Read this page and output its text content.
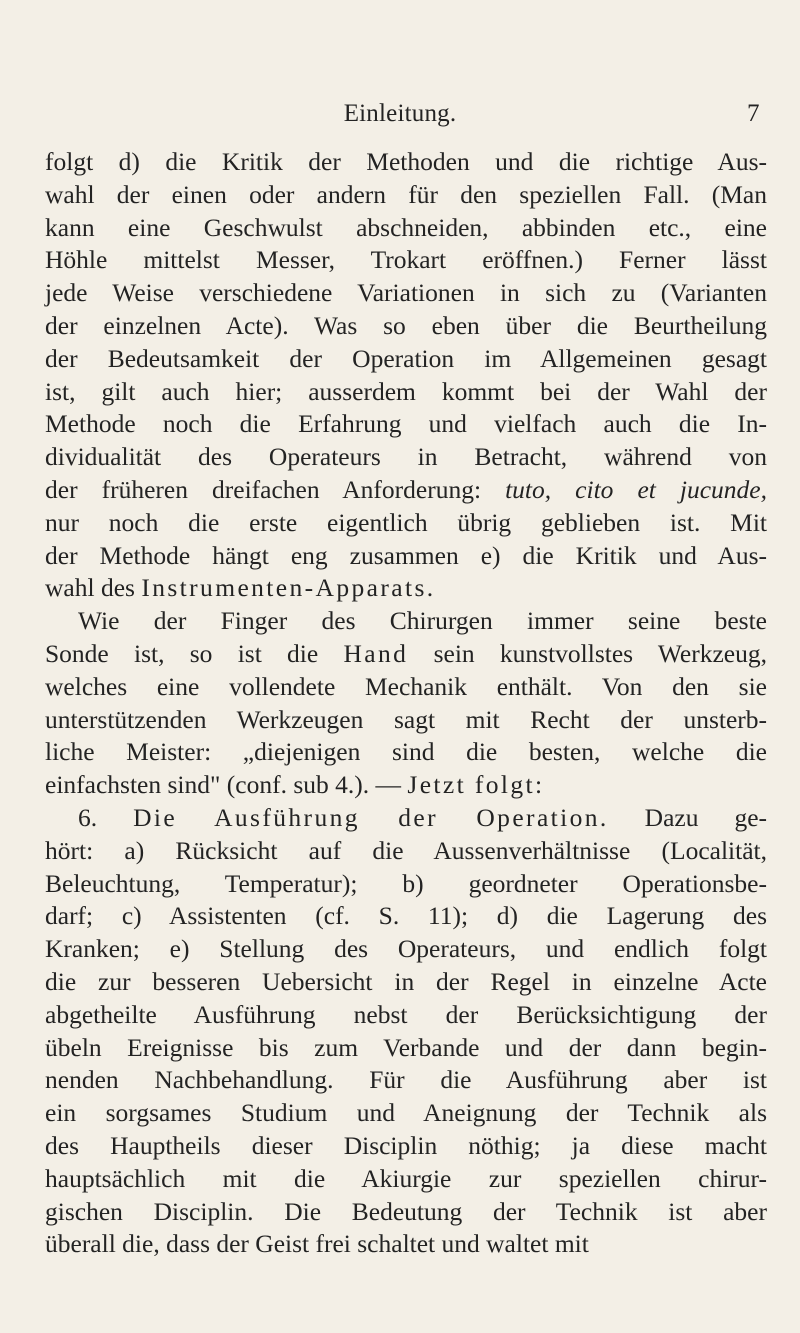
Einleitung.	7
folgt d) die Kritik der Methoden und die richtige Aus-
wahl der einen oder andern für den speziellen Fall. (Man
kann eine Geschwulst abschneiden, abbinden etc., eine
Höhle mittelst Messer, Trokart eröffnen.) Ferner lässt
jede Weise verschiedene Variationen in sich zu (Varianten
der einzelnen Acte). Was so eben über die Beurtheilung
der Bedeutsamkeit der Operation im Allgemeinen gesagt
ist, gilt auch hier; ausserdem kommt bei der Wahl der
Methode noch die Erfahrung und vielfach auch die In-
dividualität des Operateurs in Betracht, während von
der früheren dreifachen Anforderung: tuto, cito et jucunde,
nur noch die erste eigentlich übrig geblieben ist. Mit
der Methode hängt eng zusammen e) die Kritik und Aus-
wahl des Instrumenten-Apparats.
Wie der Finger des Chirurgen immer seine beste
Sonde ist, so ist die Hand sein kunstvollstes Werkzeug,
welches eine vollendete Mechanik enthält. Von den sie
unterstützenden Werkzeugen sagt mit Recht der unsterb-
liche Meister: „diejenigen sind die besten, welche die
einfachsten sind" (conf. sub 4.). — Jetzt folgt:
6. Die Ausführung der Operation. Dazu ge-
hört: a) Rücksicht auf die Aussenverhältnisse (Localität,
Beleuchtung, Temperatur); b) geordneter Operationsbe-
darf; c) Assistenten (cf. S. 11); d) die Lagerung des
Kranken; e) Stellung des Operateurs, und endlich folgt
die zur besseren Uebersicht in der Regel in einzelne Acte
abgetheilte Ausführung nebst der Berücksichtigung der
übeln Ereignisse bis zum Verbande und der dann begin-
nenden Nachbehandlung. Für die Ausführung aber ist
ein sorgsames Studium und Aneignung der Technik als
des Hauptheils dieser Disciplin nöthig; ja diese macht
hauptsächlich mit die Akiurgie zur speziellen chirur-
gischen Disciplin. Die Bedeutung der Technik ist aber
überall die, dass der Geist frei schaltet und waltet mit
